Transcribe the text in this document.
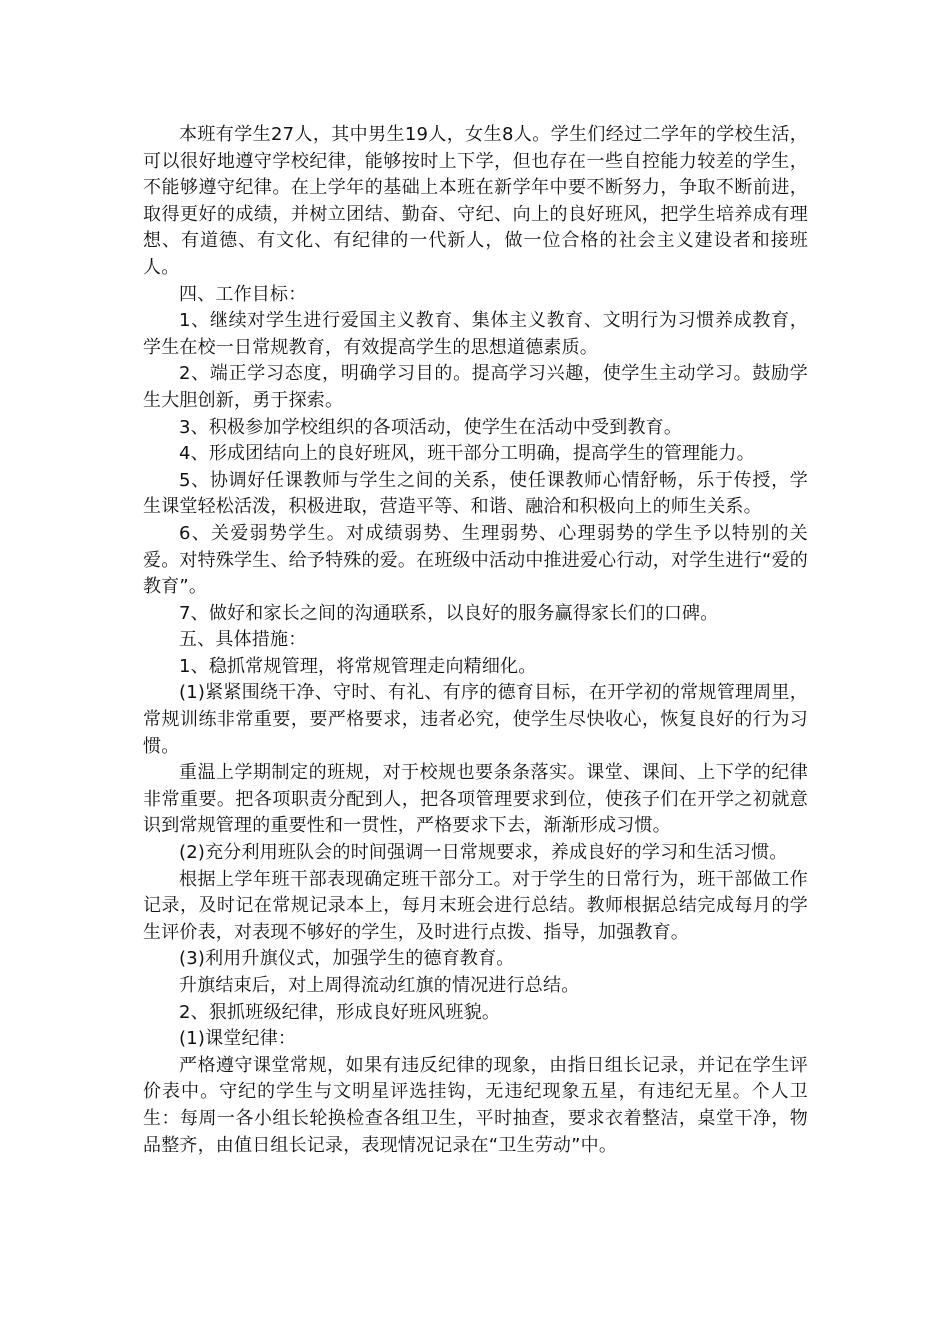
本班有学生27人，其中男生19人，女生8人。学生们经过二学年的学校生活，可以很好地遵守学校纪律，能够按时上下学，但也存在一些自控能力较差的学生，不能够遵守纪律。在上学年的基础上本班在新学年中要不断努力，争取不断前进，取得更好的成绩，并树立团结、勤奋、守纪、向上的良好班风，把学生培养成有理想、有道德、有文化、有纪律的一代新人，做一位合格的社会主义建设者和接班人。

四、工作目标：

1、继续对学生进行爱国主义教育、集体主义教育、文明行为习惯养成教育，学生在校一日常规教育，有效提高学生的思想道德素质。

2、端正学习态度，明确学习目的。提高学习兴趣，使学生主动学习。鼓励学生大胆创新，勇于探索。

3、积极参加学校组织的各项活动，使学生在活动中受到教育。

4、形成团结向上的良好班风，班干部分工明确，提高学生的管理能力。

5、协调好任课教师与学生之间的关系，使任课教师心情舒畅，乐于传授，学生课堂轻松活泼，积极进取，营造平等、和谐、融洽和积极向上的师生关系。

6、关爱弱势学生。对成绩弱势、生理弱势、心理弱势的学生予以特别的关爱。对特殊学生、给予特殊的爱。在班级中活动中推进爱心行动，对学生进行“爱的教育”。

7、做好和家长之间的沟通联系，以良好的服务赢得家长们的口碑。

五、具体措施：

1、稳抓常规管理，将常规管理走向精细化。

(1)紧紧围绕干净、守时、有礼、有序的德育目标，在开学初的常规管理周里，常规训练非常重要，要严格要求，违者必究，使学生尽快收心，恢复良好的行为习惯。

重温上学期制定的班规，对于校规也要条条落实。课堂、课间、上下学的纪律非常重要。把各项职责分配到人，把各项管理要求到位，使孩子们在开学之初就意识到常规管理的重要性和一贯性，严格要求下去，渐渐形成习惯。

(2)充分利用班队会的时间强调一日常规要求，养成良好的学习和生活习惯。

根据上学年班干部表现确定班干部分工。对于学生的日常行为，班干部做工作记录，及时记在常规记录本上，每月末班会进行总结。教师根据总结完成每月的学生评价表，对表现不够好的学生，及时进行点拨、指导，加强教育。

(3)利用升旗仪式，加强学生的德育教育。

升旗结束后，对上周得流动红旗的情况进行总结。

2、狠抓班级纪律，形成良好班风班貌。

(1)课堂纪律：

严格遵守课堂常规，如果有违反纪律的现象，由指日组长记录，并记在学生评价表中。守纪的学生与文明星评选挂钩，无违纪现象五星，有违纪无星。个人卫生：每周一各小组长轮换检查各组卫生，平时抽查，要求衣着整洁，桌堂干净，物品整齐，由值日组长记录，表现情况记录在“卫生劳动”中。
